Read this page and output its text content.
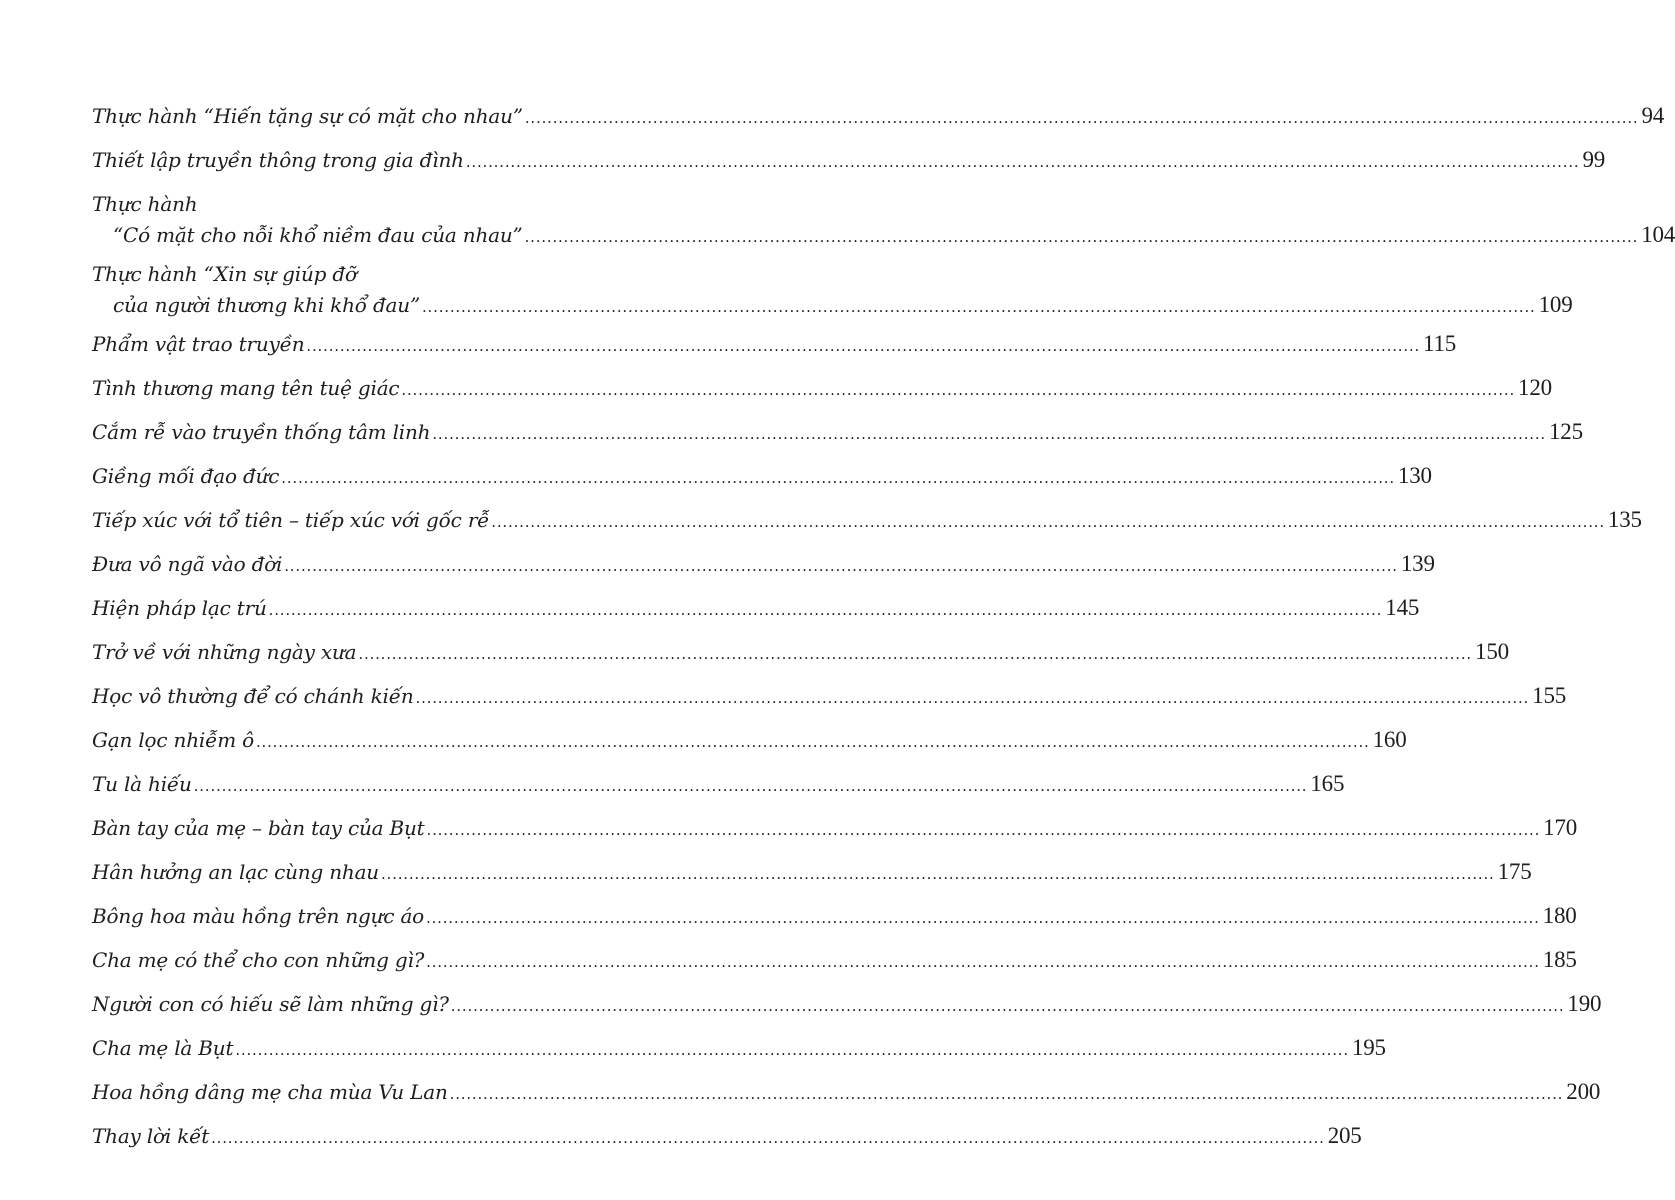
Thực hành “Hiến tặng sự có mặt cho nhau” ........................................................................................................................................................................................................ 94
Thiết lập truyền thông trong gia đình ........................................................................................................................................................................................................ 99
Thực hành
“Có mặt cho nỗi khổ niềm đau của nhau” ........................................................................................................................................................................................................ 104
Thực hành “Xin sự giúp đỡ
của người thương khi khổ đau” ........................................................................................................................................................................................................ 109
Phẩm vật trao truyền ........................................................................................................................................................................................................ 115
Tình thương mang tên tuệ giác ........................................................................................................................................................................................................ 120
Cắm rễ vào truyền thống tâm linh ........................................................................................................................................................................................................ 125
Giềng mối đạo đức ........................................................................................................................................................................................................ 130
Tiếp xúc với tổ tiên – tiếp xúc với gốc rễ ........................................................................................................................................................................................................ 135
Đưa vô ngã vào đời ........................................................................................................................................................................................................ 139
Hiện pháp lạc trú ........................................................................................................................................................................................................ 145
Trở về với những ngày xưa ........................................................................................................................................................................................................ 150
Học vô thường để có chánh kiến ........................................................................................................................................................................................................ 155
Gạn lọc nhiễm ô ........................................................................................................................................................................................................ 160
Tu là hiếu ........................................................................................................................................................................................................ 165
Bàn tay của mẹ – bàn tay của Bụt ........................................................................................................................................................................................................ 170
Hân hưởng an lạc cùng nhau ........................................................................................................................................................................................................ 175
Bông hoa màu hồng trên ngực áo ........................................................................................................................................................................................................ 180
Cha mẹ có thể cho con những gì? ........................................................................................................................................................................................................ 185
Người con có hiếu sẽ làm những gì? ........................................................................................................................................................................................................ 190
Cha mẹ là Bụt ........................................................................................................................................................................................................ 195
Hoa hồng dâng mẹ cha mùa Vu Lan ........................................................................................................................................................................................................ 200
Thay lời kết ........................................................................................................................................................................................................ 205
